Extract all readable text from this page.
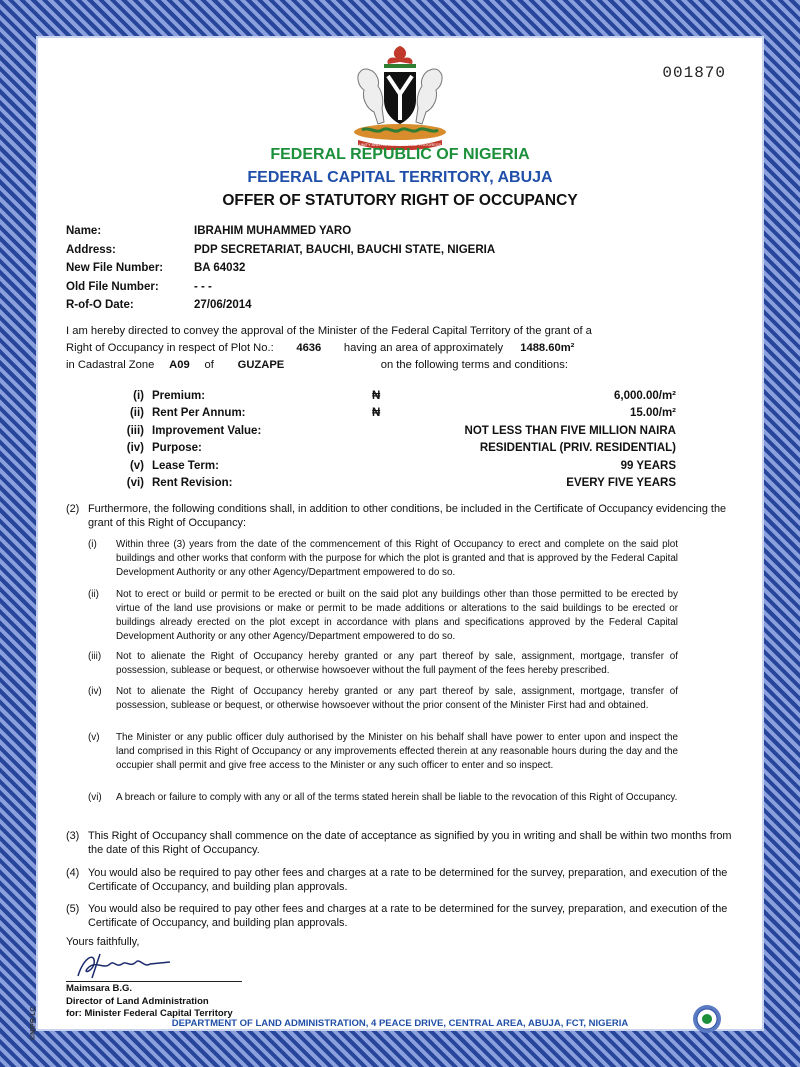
001870
UNITY AND FAITH, PEACE AND PROGRESS
FEDERAL REPUBLIC OF NIGERIA
FEDERAL CAPITAL TERRITORY, ABUJA
OFFER OF STATUTORY RIGHT OF OCCUPANCY
Name:	IBRAHIM MUHAMMED YARO
Address:	PDP SECRETARIAT, BAUCHI, BAUCHI STATE, NIGERIA
New File Number:	BA 64032
Old File Number:	- - -
R-of-O Date:	27/06/2014
I am hereby directed to convey the approval of the Minister of the Federal Capital Territory of the grant of a
Right of Occupancy in respect of Plot No.: 4636 having an area of approximately 1488.60m²
in Cadastral Zone A09 of GUZAPE	on the following terms and conditions:
(i) Premium:	₦	6,000.00/m²
(ii) Rent Per Annum:	₦	15.00/m²
(iii) Improvement Value:	NOT LESS THAN FIVE MILLION NAIRA
(iv) Purpose:	RESIDENTIAL (PRIV. RESIDENTIAL)
(v) Lease Term:	99 YEARS
(vi) Rent Revision:	EVERY FIVE YEARS
(2) Furthermore, the following conditions shall, in addition to other conditions, be included in the Certificate of Occupancy evidencing the grant of this Right of Occupancy:
(i) Within three (3) years from the date of the commencement of this Right of Occupancy to erect and complete on the said plot buildings and other works that conform with the purpose for which the plot is granted and that is approved by the Federal Capital Development Authority or any other Agency/Department empowered to do so.
(ii) Not to erect or build or permit to be erected or built on the said plot any buildings other than those permitted to be erected by virtue of the land use provisions or make or permit to be made additions or alterations to the said buildings to be erected or buildings already erected on the plot except in accordance with plans and specifications approved by the Federal Capital Development Authority or any other Agency/Department empowered to do so.
(iii) Not to alienate the Right of Occupancy hereby granted or any part thereof by sale, assignment, mortgage, transfer of possession, sublease or bequest, or otherwise howsoever without the full payment of the fees hereby prescribed.
(iv) Not to alienate the Right of Occupancy hereby granted or any part thereof by sale, assignment, mortgage, transfer of possession, sublease or bequest, or otherwise howsoever without the prior consent of the Minister First had and obtained.
(v) The Minister or any public officer duly authorised by the Minister on his behalf shall have power to enter upon and inspect the land comprised in this Right of Occupancy or any improvements effected therein at any reasonable hours during the day and the occupier shall permit and give free access to the Minister or any such officer to enter and so inspect.
(vi) A breach or failure to comply with any or all of the terms stated herein shall be liable to the revocation of this Right of Occupancy.
(3) This Right of Occupancy shall commence on the date of acceptance as signified by you in writing and shall be within two months from the date of this Right of Occupancy.
(4) You would also be required to pay other fees and charges at a rate to be determined for the survey, preparation, and execution of the Certificate of Occupancy, and building plan approvals.
(5) You would also be required to pay other fees and charges at a rate to be determined for the survey, preparation, and execution of the Certificate of Occupancy, and building plan approvals.
Yours faithfully,
Maimsara B.G.
Director of Land Administration
for: Minister Federal Capital Territory
DEPARTMENT OF LAND ADMINISTRATION, 4 PEACE DRIVE, CENTRAL AREA, ABUJA, FCT, NIGERIA
©NIPR-LC
